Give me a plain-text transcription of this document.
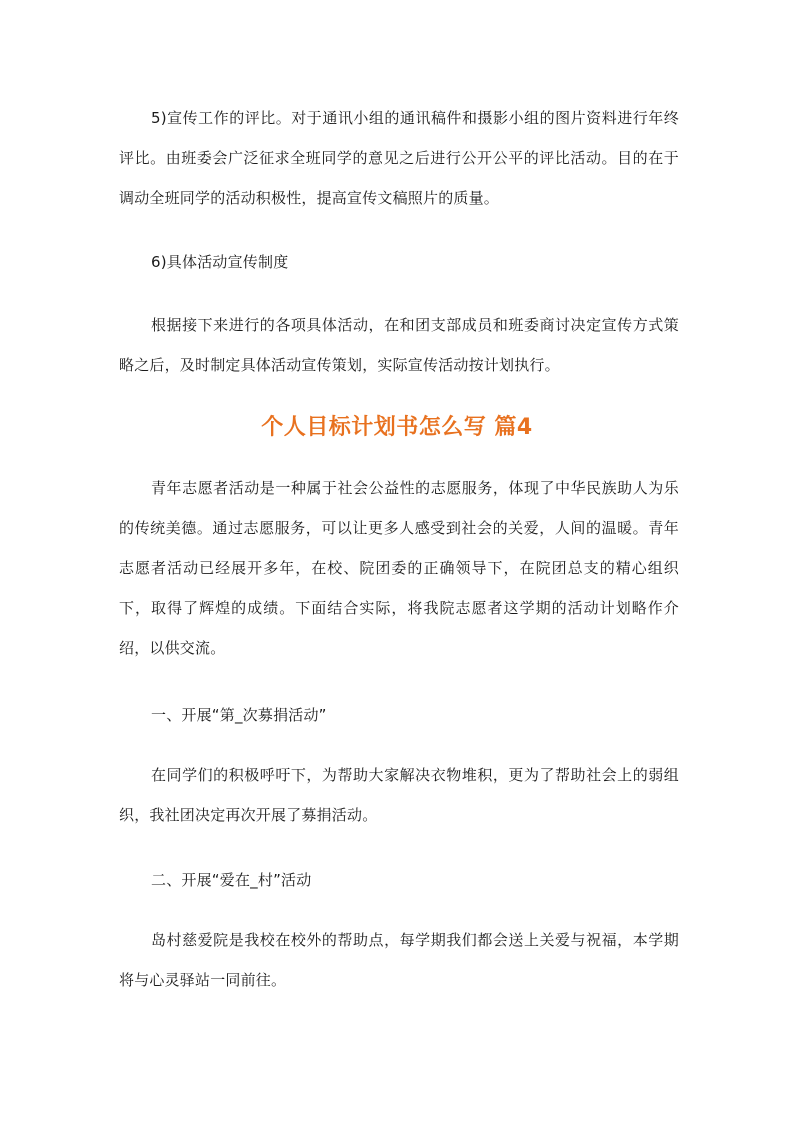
5)宣传工作的评比。对于通讯小组的通讯稿件和摄影小组的图片资料进行年终评比。由班委会广泛征求全班同学的意见之后进行公开公平的评比活动。目的在于调动全班同学的活动积极性，提高宣传文稿照片的质量。

6)具体活动宣传制度

根据接下来进行的各项具体活动，在和团支部成员和班委商讨决定宣传方式策略之后，及时制定具体活动宣传策划，实际宣传活动按计划执行。

个人目标计划书怎么写 篇4

青年志愿者活动是一种属于社会公益性的志愿服务，体现了中华民族助人为乐的传统美德。通过志愿服务，可以让更多人感受到社会的关爱，人间的温暖。青年志愿者活动已经展开多年，在校、院团委的正确领导下，在院团总支的精心组织下，取得了辉煌的成绩。下面结合实际，将我院志愿者这学期的活动计划略作介绍，以供交流。

一、开展“第_次募捐活动”

在同学们的积极呼吁下，为帮助大家解决衣物堆积，更为了帮助社会上的弱组织，我社团决定再次开展了募捐活动。

二、开展“爱在_村”活动

岛村慈爱院是我校在校外的帮助点，每学期我们都会送上关爱与祝福，本学期将与心灵驿站一同前往。
